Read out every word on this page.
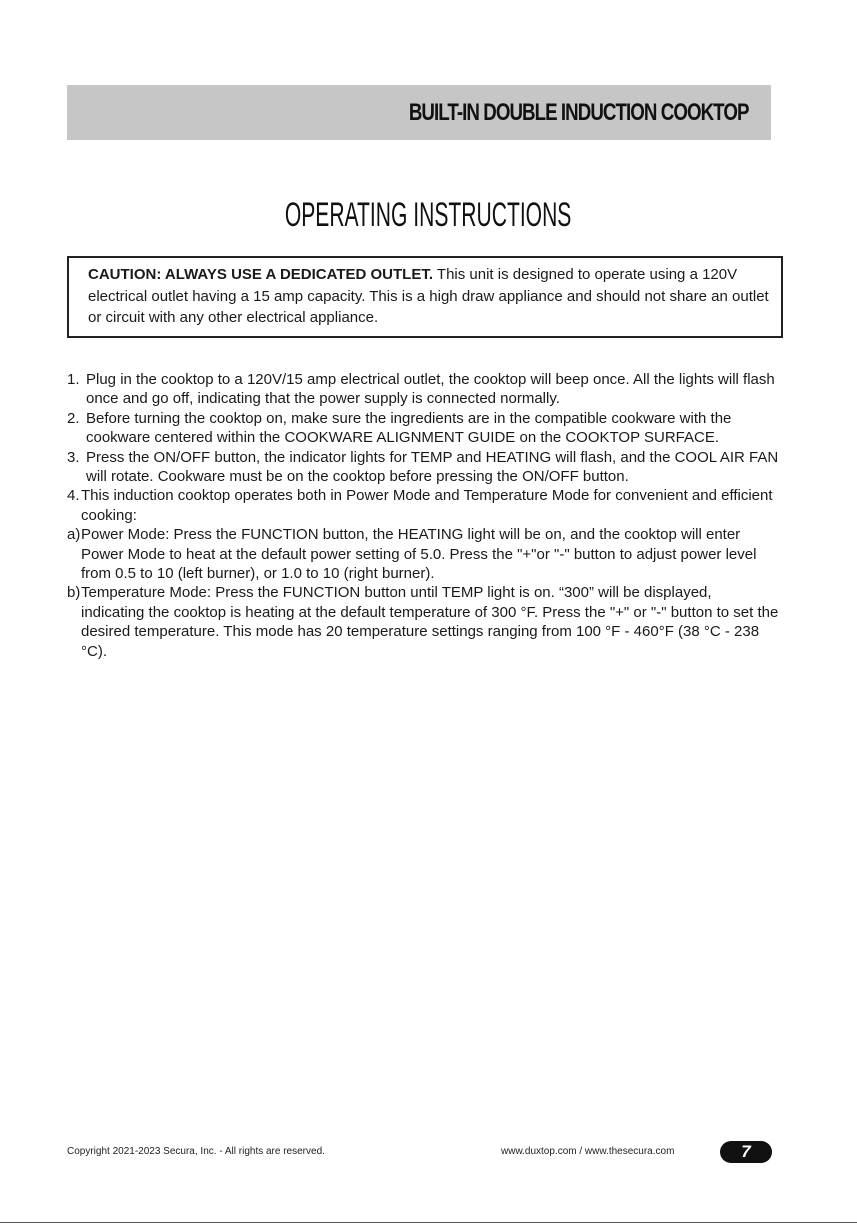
BUILT-IN DOUBLE INDUCTION COOKTOP
OPERATING INSTRUCTIONS
CAUTION: ALWAYS USE A DEDICATED OUTLET. This unit is designed to operate using a 120V electrical outlet having a 15 amp capacity. This is a high draw appliance and should not share an outlet or circuit with any other electrical appliance.

1. Plug in the cooktop to a 120V/15 amp electrical outlet, the cooktop will beep once. All the lights will flash once and go off, indicating that the power supply is connected normally.

2. Before turning the cooktop on, make sure the ingredients are in the compatible cookware with the cookware centered within the COOKWARE ALIGNMENT GUIDE on the COOKTOP SURFACE.

3. Press the ON/OFF button, the indicator lights for TEMP and HEATING will flash, and the COOL AIR FAN will rotate. Cookware must be on the cooktop before pressing the ON/OFF button.

4. This induction cooktop operates both in Power Mode and Temperature Mode for convenient and efficient cooking:

a) Power Mode: Press the FUNCTION button, the HEATING light will be on, and the cooktop will enter Power Mode to heat at the default power setting of 5.0. Press the "+"or "-" button to adjust power level from 0.5 to 10 (left burner), or 1.0 to 10 (right burner).

b) Temperature Mode: Press the FUNCTION button until TEMP light is on. “300” will be displayed, indicating the cooktop is heating at the default temperature of 300 °F. Press the "+" or "-" button to set the desired temperature. This mode has 20 temperature settings ranging from 100 °F - 460°F (38 °C - 238 °C).

Copyright 2021-2023 Secura, Inc. - All rights are reserved.	www.duxtop.com / www.thesecura.com	7
